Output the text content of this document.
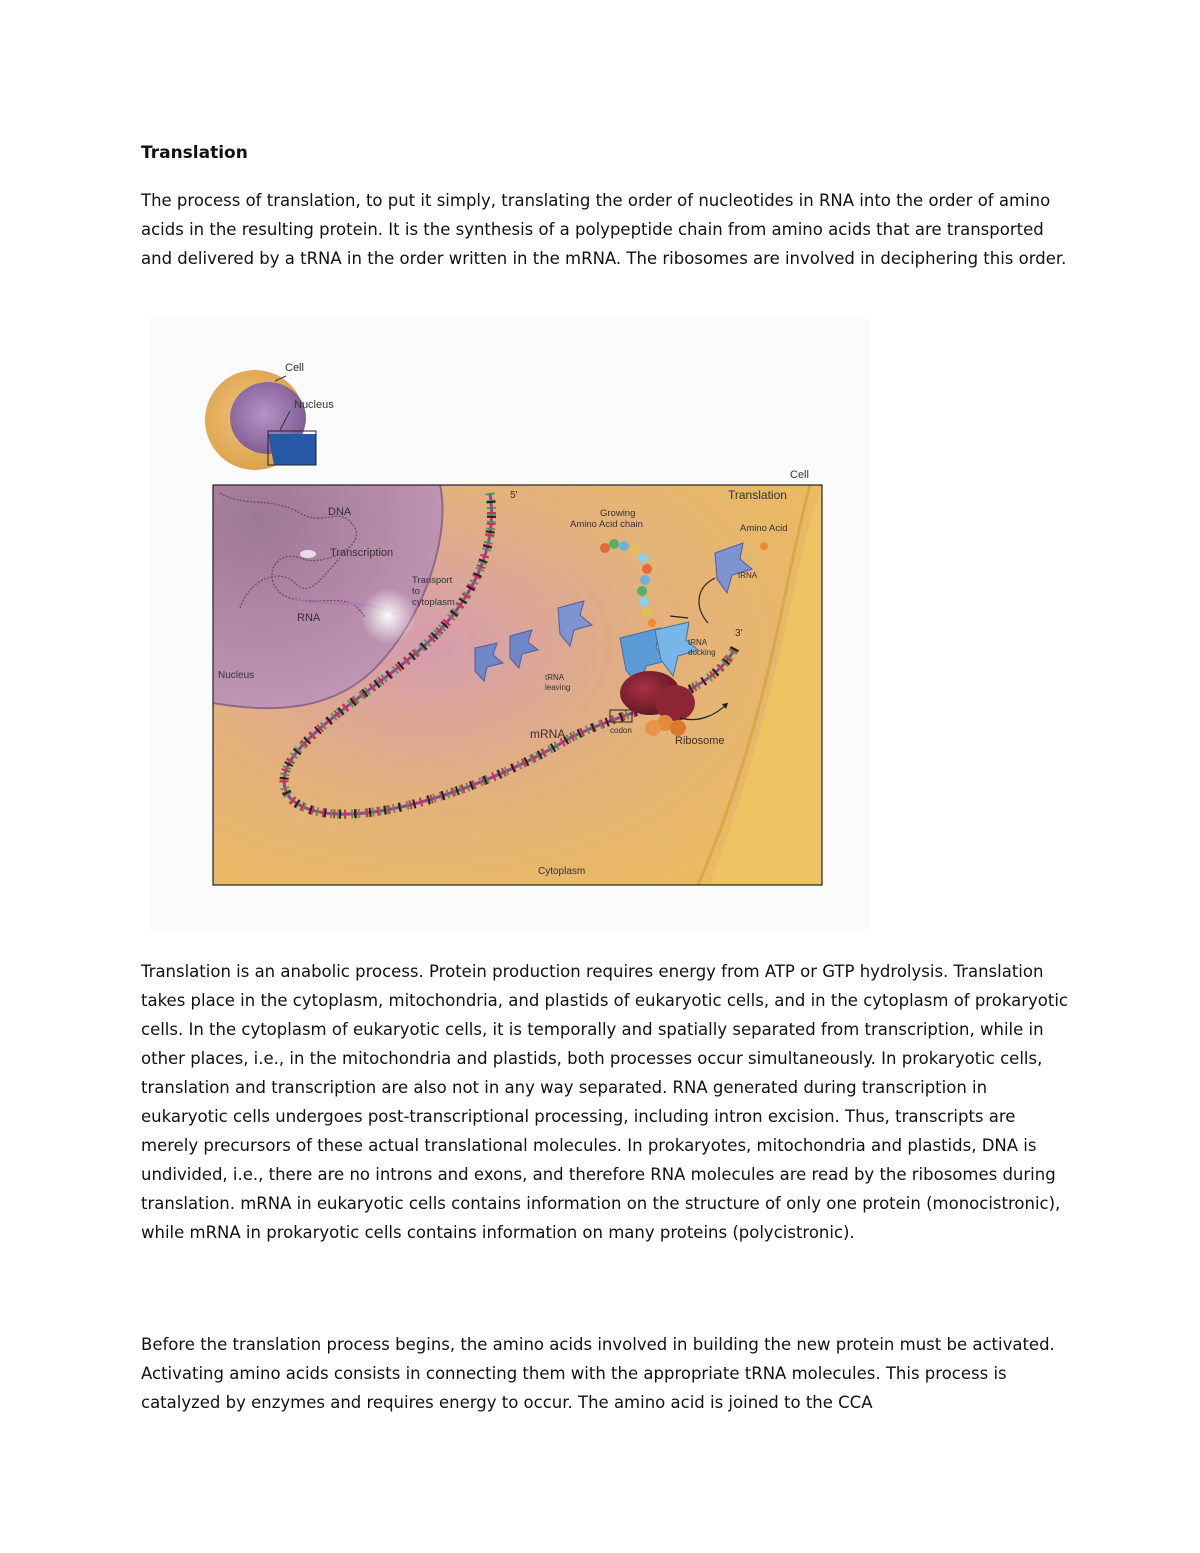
Translation

The process of translation, to put it simply, translating the order of nucleotides in RNA into the order of amino acids in the resulting protein. It is the synthesis of a polypeptide chain from amino acids that are transported and delivered by a tRNA in the order written in the mRNA. The ribosomes are involved in deciphering this order.

Cell
Nucleus
Cell
Translation
DNA
Transcription
Transport
to
cytoplasm
RNA
Nucleus
5'
3'
Growing
Amino Acid chain	Amino Acid
tRNA
tRNA
docking
tRNA
leaving
codon
mRNA	Ribosome
Cytoplasm

Translation is an anabolic process. Protein production requires energy from ATP or GTP hydrolysis. Translation takes place in the cytoplasm, mitochondria, and plastids of eukaryotic cells, and in the cytoplasm of prokaryotic cells. In the cytoplasm of eukaryotic cells, it is temporally and spatially separated from transcription, while in other places, i.e., in the mitochondria and plastids, both processes occur simultaneously. In prokaryotic cells, translation and transcription are also not in any way separated. RNA generated during transcription in eukaryotic cells undergoes post-transcriptional processing, including intron excision. Thus, transcripts are merely precursors of these actual translational molecules. In prokaryotes, mitochondria and plastids, DNA is undivided, i.e., there are no introns and exons, and therefore RNA molecules are read by the ribosomes during translation. mRNA in eukaryotic cells contains information on the structure of only one protein (monocistronic), while mRNA in prokaryotic cells contains information on many proteins (polycistronic).

Before the translation process begins, the amino acids involved in building the new protein must be activated. Activating amino acids consists in connecting them with the appropriate tRNA molecules. This process is catalyzed by enzymes and requires energy to occur. The amino acid is joined to the CCA
